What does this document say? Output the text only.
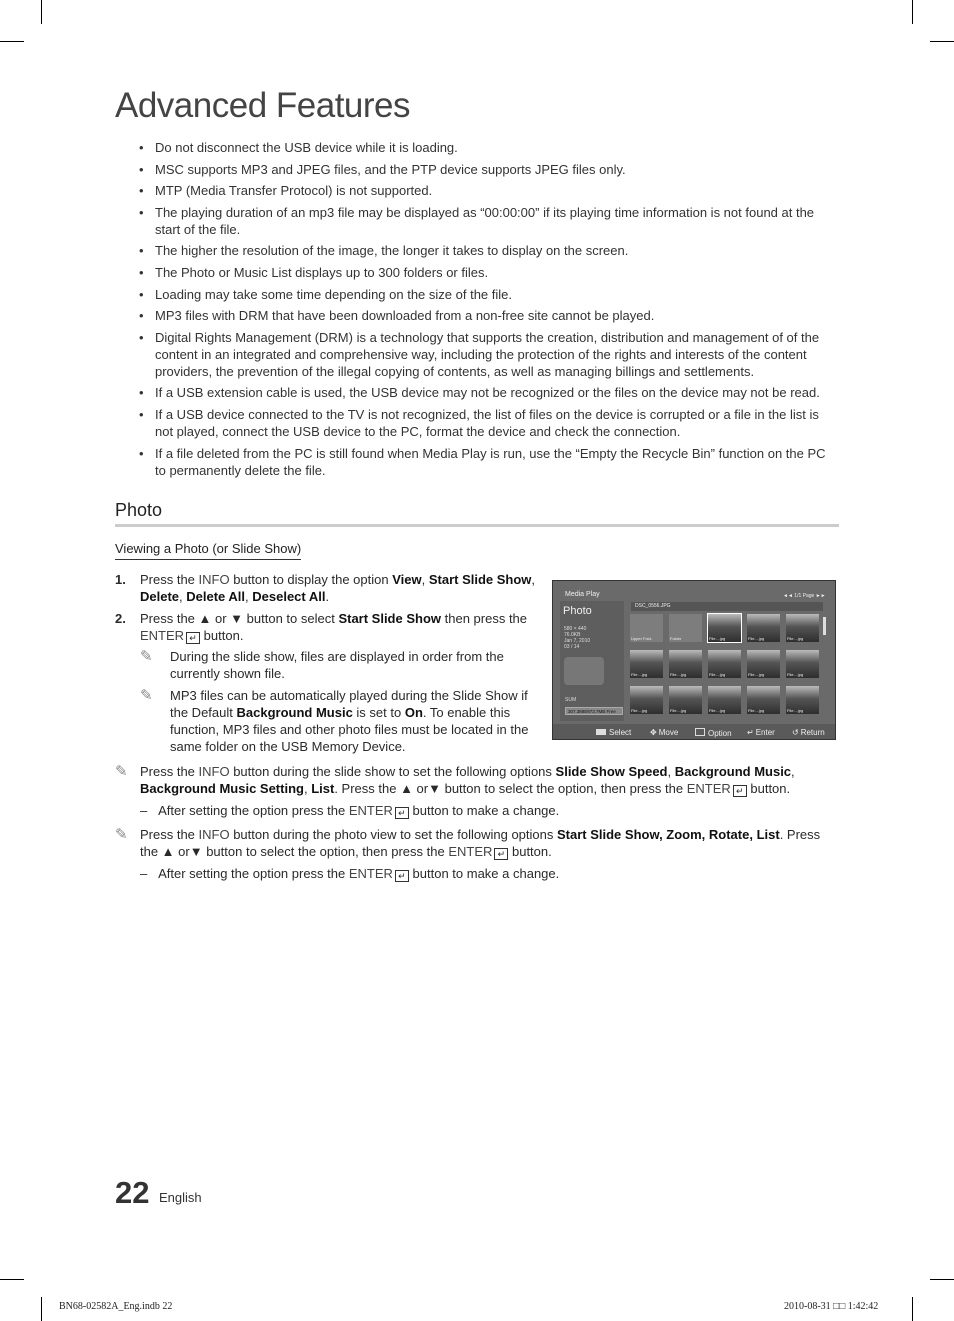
Advanced Features
• Do not disconnect the USB device while it is loading.
• MSC supports MP3 and JPEG files, and the PTP device supports JPEG files only.
• MTP (Media Transfer Protocol) is not supported.
• The playing duration of an mp3 file may be displayed as “00:00:00” if its playing time information is not found at the start of the file.
• The higher the resolution of the image, the longer it takes to display on the screen.
• The Photo or Music List displays up to 300 folders or files.
• Loading may take some time depending on the size of the file.
• MP3 files with DRM that have been downloaded from a non-free site cannot be played.
• Digital Rights Management (DRM) is a technology that supports the creation, distribution and management of of the content in an integrated and comprehensive way, including the protection of the rights and interests of the content providers, the prevention of the illegal copying of contents, as well as managing billings and settlements.
• If a USB extension cable is used, the USB device may not be recognized or the files on the device may not be read.
• If a USB device connected to the TV is not recognized, the list of files on the device is corrupted or a file in the list is not played, connect the USB device to the PC, format the device and check the connection.
• If a file deleted from the PC is still found when Media Play is run, use the “Empty the Recycle Bin” function on the PC to permanently delete the file.
Photo
Viewing a Photo (or Slide Show)
1. Press the INFO button to display the option View, Start Slide Show, Delete, Delete All, Deselect All.
2. Press the ▲ or ▼ button to select Start Slide Show then press the ENTER ↵ button.
✎ During the slide show, files are displayed in order from the currently shown file.
✎ MP3 files can be automatically played during the Slide Show if the Default Background Music is set to On. To enable this function, MP3 files and other photo files must be located in the same folder on the USB Memory Device.
Media Play
Photo
580 × 440
76.0KB
Jan 7, 2010
03 / 14
SUM
307.3MB/973.7MB Free
◄◄ 1/1 Page ►►
DSC_0556.JPG
Upper Fold..	Folder	File....jpg	File....jpg	File....jpg
File....jpg	File....jpg	File....jpg	File....jpg	File....jpg
File....jpg	File....jpg	File....jpg	File....jpg	File....jpg
Select ✥ Move	Option ↵ Enter ↺ Return
✎ Press the INFO button during the slide show to set the following options Slide Show Speed, Background Music, Background Music Setting, List. Press the ▲ or▼ button to select the option, then press the ENTER ↵ button.
–   After setting the option press the ENTER ↵ button to make a change.
✎ Press the INFO button during the photo view to set the following options Start Slide Show, Zoom, Rotate, List. Press the ▲ or▼ button to select the option, then press the ENTER ↵ button.
–   After setting the option press the ENTER ↵ button to make a change.
22 English
BN68-02582A_Eng.indb 22	2010-08-31 □□ 1:42:42
